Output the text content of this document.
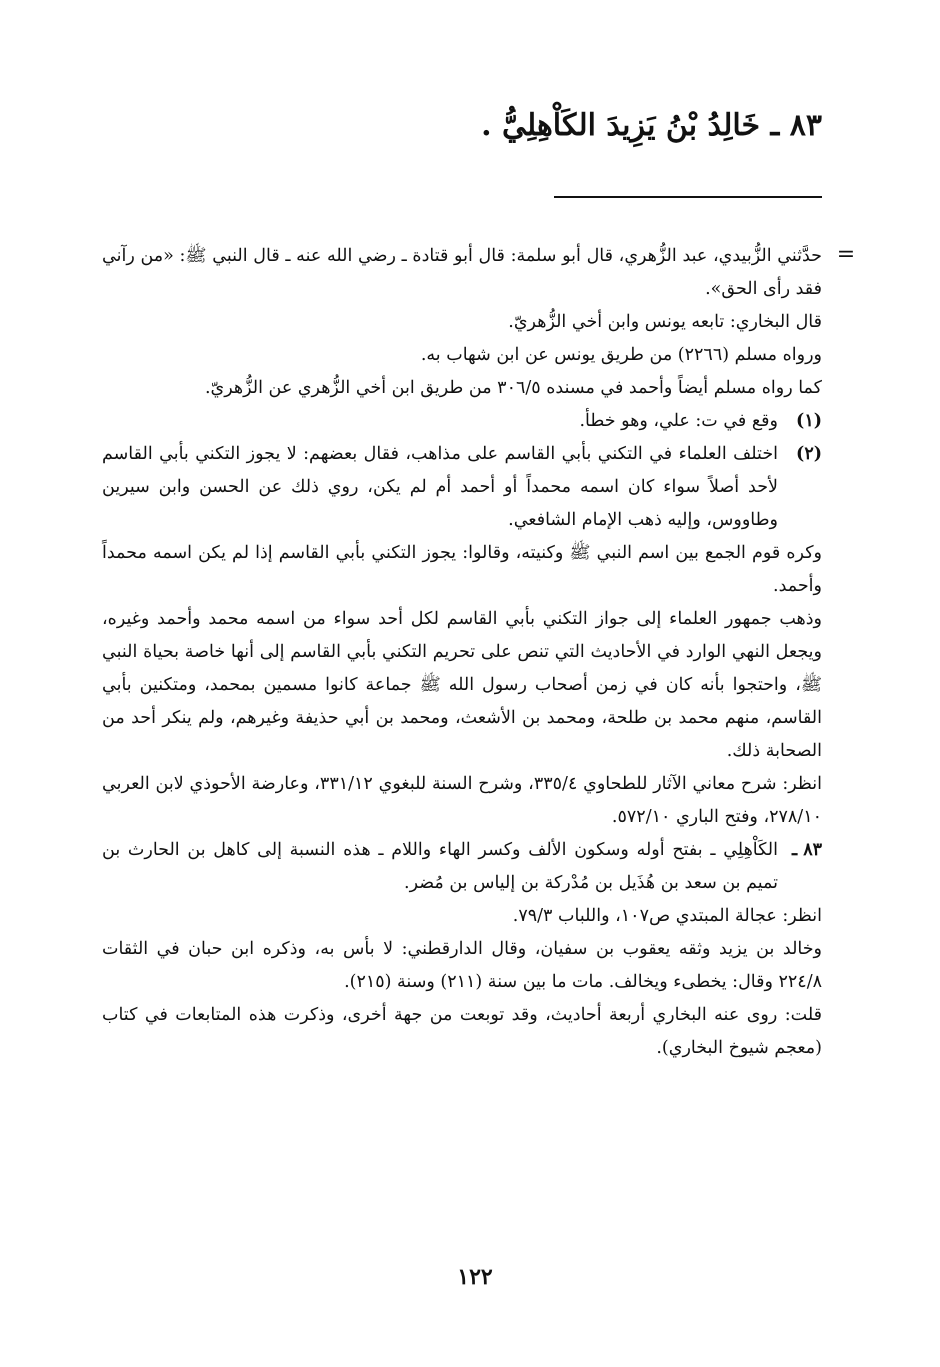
٨٣ ـ خَالِدُ بْنُ يَزِيدَ الكَاْهِلِيُّ .
=

حدَّثني الزُّبيدي، عبد الزُّهري، قال أبو سلمة: قال أبو قتادة ـ رضي الله عنه ـ قال النبي ﷺ: «من رآني فقد رأى الحق».

قال البخاري: تابعه يونس وابن أخي الزُّهريّ.

ورواه مسلم (٢٢٦٦) من طريق يونس عن ابن شهاب به.

كما رواه مسلم أيضاً وأحمد في مسنده ٣٠٦/٥ من طريق ابن أخي الزُّهري عن الزُّهريّ.

(١)

وقع في ت: علي، وهو خطأ.

(٢)

اختلف العلماء في التكني بأبي القاسم على مذاهب، فقال بعضهم: لا يجوز التكني بأبي القاسم لأحد أصلاً سواء كان اسمه محمداً أو أحمد أم لم يكن، روي ذلك عن الحسن وابن سيرين وطاووس، وإليه ذهب الإمام الشافعي.

وكره قوم الجمع بين اسم النبي ﷺ وكنيته، وقالوا: يجوز التكني بأبي القاسم إذا لم يكن اسمه محمداً وأحمد.

وذهب جمهور العلماء إلى جواز التكني بأبي القاسم لكل أحد سواء من اسمه محمد وأحمد وغيره، ويجعل النهي الوارد في الأحاديث التي تنص على تحريم التكني بأبي القاسم إلى أنها خاصة بحياة النبي ﷺ، واحتجوا بأنه كان في زمن أصحاب رسول الله ﷺ جماعة كانوا مسمين بمحمد، ومتكنين بأبي القاسم، منهم محمد بن طلحة، ومحمد بن الأشعث، ومحمد بن أبي حذيفة وغيرهم، ولم ينكر أحد من الصحابة ذلك.

انظر: شرح معاني الآثار للطحاوي ٣٣٥/٤، وشرح السنة للبغوي ٣٣١/١٢، وعارضة الأحوذي لابن العربي ٢٧٨/١٠، وفتح الباري ٥٧٢/١٠.

٨٣ ـ

الكَاْهِلِي ـ بفتح أوله وسكون الألف وكسر الهاء واللام ـ هذه النسبة إلى كاهل بن الحارث بن تميم بن سعد بن هُذَيل بن مُدْركة بن إلياس بن مُضر.

انظر: عجالة المبتدي ص١٠٧، واللباب ٧٩/٣.

وخالد بن يزيد وثقه يعقوب بن سفيان، وقال الدارقطني: لا بأس به، وذكره ابن حبان في الثقات ٢٢٤/٨ وقال: يخطىء ويخالف. مات ما بين سنة (٢١١) وسنة (٢١٥).

قلت: روى عنه البخاري أربعة أحاديث، وقد توبعت من جهة أخرى، وذكرت هذه المتابعات في كتاب (معجم شيوخ البخاري).

١٢٢
